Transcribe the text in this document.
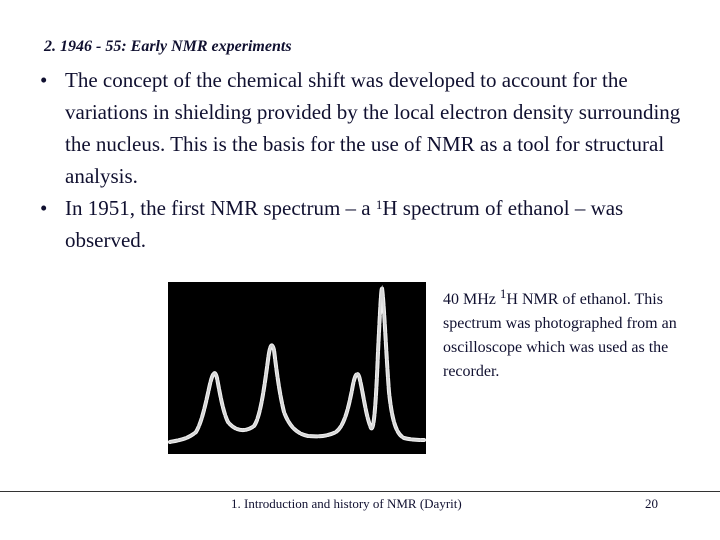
2. 1946 - 55: Early NMR experiments
• The concept of the chemical shift was developed to account for the variations in shielding provided by the local electron density surrounding the nucleus. This is the basis for the use of NMR as a tool for structural analysis.
• In 1951, the first NMR spectrum – a $^1$H spectrum of ethanol – was observed.
40 MHz $^1$H NMR of ethanol. This spectrum was photographed from an oscilloscope which was used as the recorder.
1. Introduction and history of NMR (Dayrit)	20
